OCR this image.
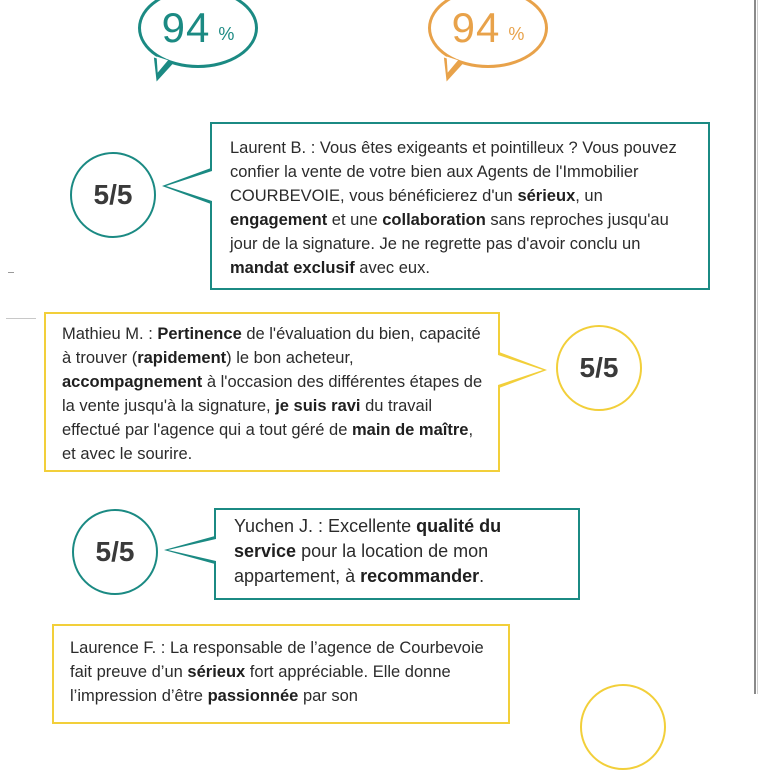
94 %	94 %
5/5
Laurent B. : Vous êtes exigeants et pointilleux ? Vous pouvez confier la vente de votre bien aux Agents de l'Immobilier COURBEVOIE, vous bénéficierez d'un sérieux, un engagement et une collaboration sans reproches jusqu'au jour de la signature. Je ne regrette pas d'avoir conclu un mandat exclusif avec eux.
Mathieu M. : Pertinence de l'évaluation du bien, capacité à trouver (rapidement) le bon acheteur, accompagnement à l'occasion des différentes étapes de la vente jusqu'à la signature, je suis ravi du travail effectué par l'agence qui a tout géré de main de maître, et avec le sourire.
5/5
5/5
Yuchen J. : Excellente qualité du service pour la location de mon appartement, à recommander.
Laurence F. : La responsable de l’agence de Courbevoie fait preuve d’un sérieux fort appréciable. Elle donne l’impression d’être passionnée par son
